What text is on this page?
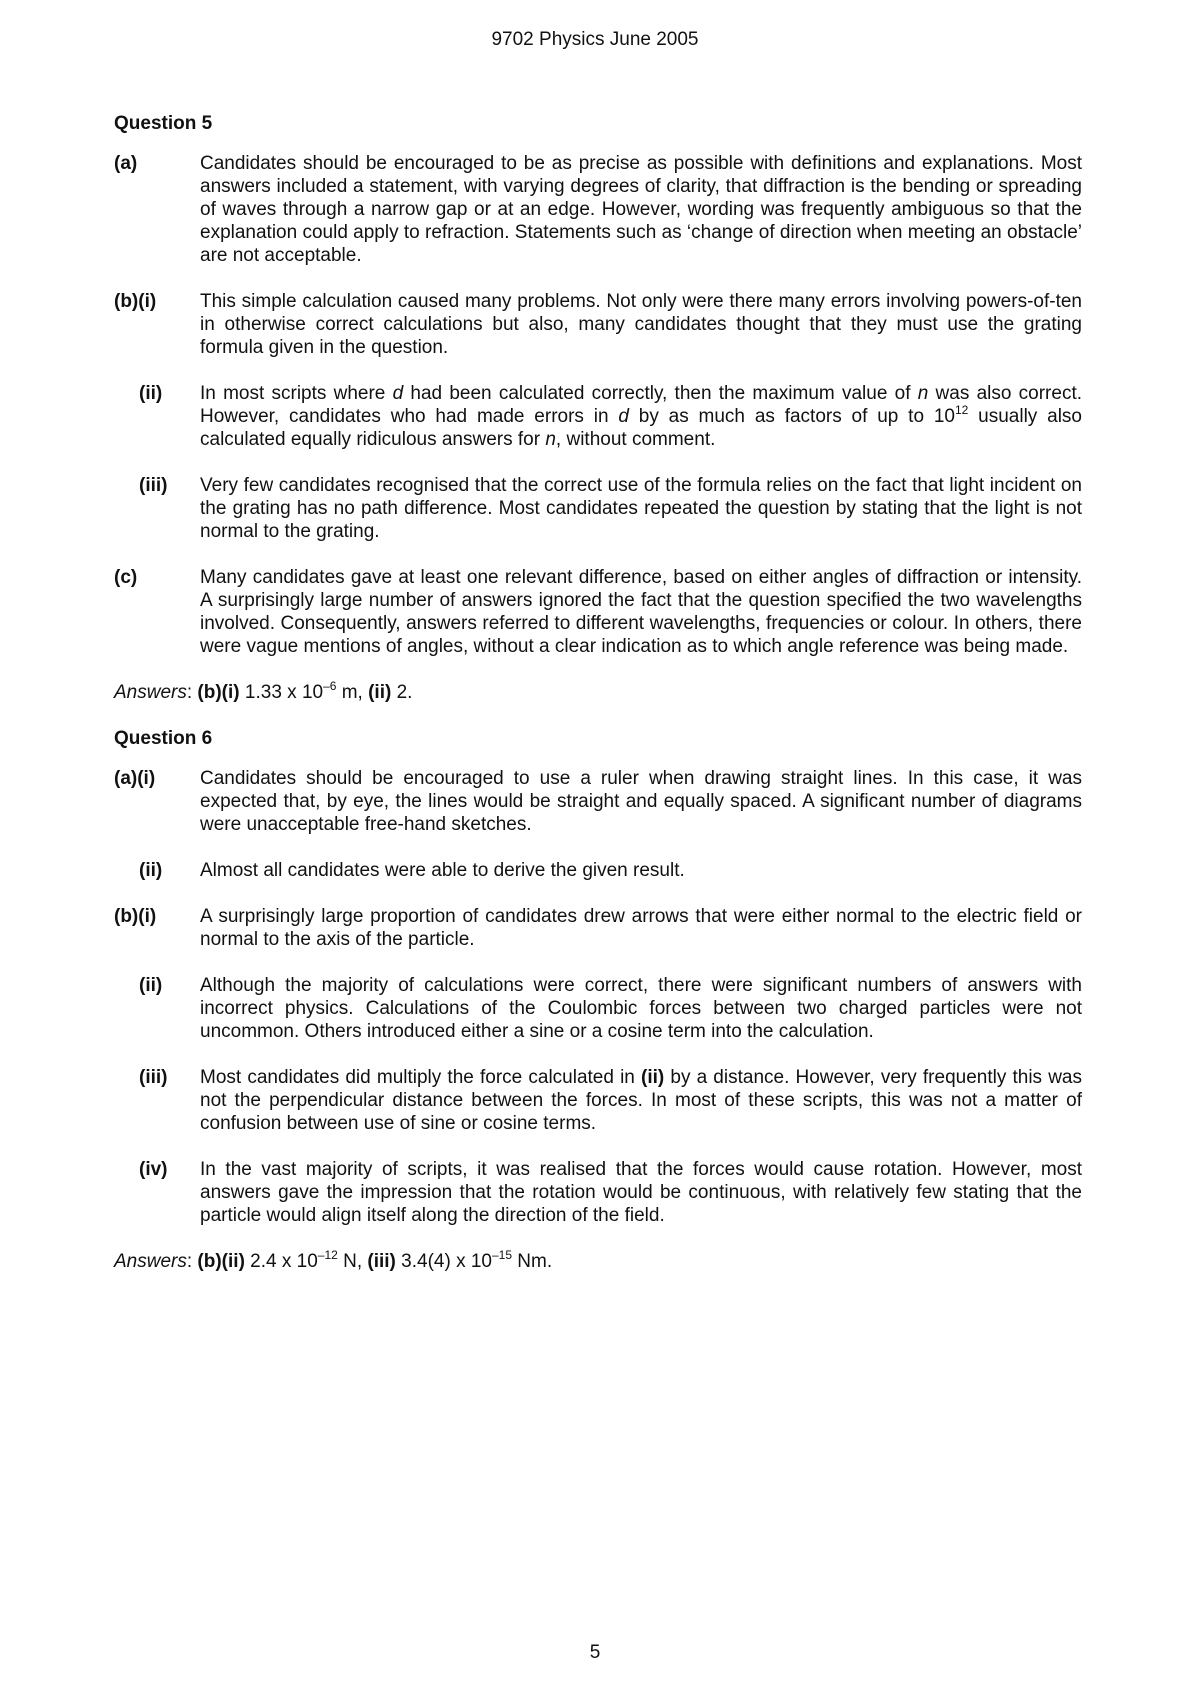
9702 Physics June 2005
Question 5
(a)	Candidates should be encouraged to be as precise as possible with definitions and explanations. Most answers included a statement, with varying degrees of clarity, that diffraction is the bending or spreading of waves through a narrow gap or at an edge. However, wording was frequently ambiguous so that the explanation could apply to refraction. Statements such as ‘change of direction when meeting an obstacle’ are not acceptable.
(b)(i)	This simple calculation caused many problems. Not only were there many errors involving powers-of-ten in otherwise correct calculations but also, many candidates thought that they must use the grating formula given in the question.
(ii)	In most scripts where d had been calculated correctly, then the maximum value of n was also correct. However, candidates who had made errors in d by as much as factors of up to $10^{12}$ usually also calculated equally ridiculous answers for n, without comment.
(iii)	Very few candidates recognised that the correct use of the formula relies on the fact that light incident on the grating has no path difference. Most candidates repeated the question by stating that the light is not normal to the grating.
(c)	Many candidates gave at least one relevant difference, based on either angles of diffraction or intensity. A surprisingly large number of answers ignored the fact that the question specified the two wavelengths involved. Consequently, answers referred to different wavelengths, frequencies or colour. In others, there were vague mentions of angles, without a clear indication as to which angle reference was being made.
Answers: (b)(i) 1.33 x $10^{-6}$ m, (ii) 2.
Question 6
(a)(i)	Candidates should be encouraged to use a ruler when drawing straight lines. In this case, it was expected that, by eye, the lines would be straight and equally spaced. A significant number of diagrams were unacceptable free-hand sketches.
(ii)	Almost all candidates were able to derive the given result.
(b)(i)	A surprisingly large proportion of candidates drew arrows that were either normal to the electric field or normal to the axis of the particle.
(ii)	Although the majority of calculations were correct, there were significant numbers of answers with incorrect physics. Calculations of the Coulombic forces between two charged particles were not uncommon. Others introduced either a sine or a cosine term into the calculation.
(iii)	Most candidates did multiply the force calculated in (ii) by a distance. However, very frequently this was not the perpendicular distance between the forces. In most of these scripts, this was not a matter of confusion between use of sine or cosine terms.
(iv)	In the vast majority of scripts, it was realised that the forces would cause rotation. However, most answers gave the impression that the rotation would be continuous, with relatively few stating that the particle would align itself along the direction of the field.
Answers: (b)(ii) 2.4 x $10^{-12}$ N, (iii) 3.4(4) x $10^{-15}$ Nm.
5
